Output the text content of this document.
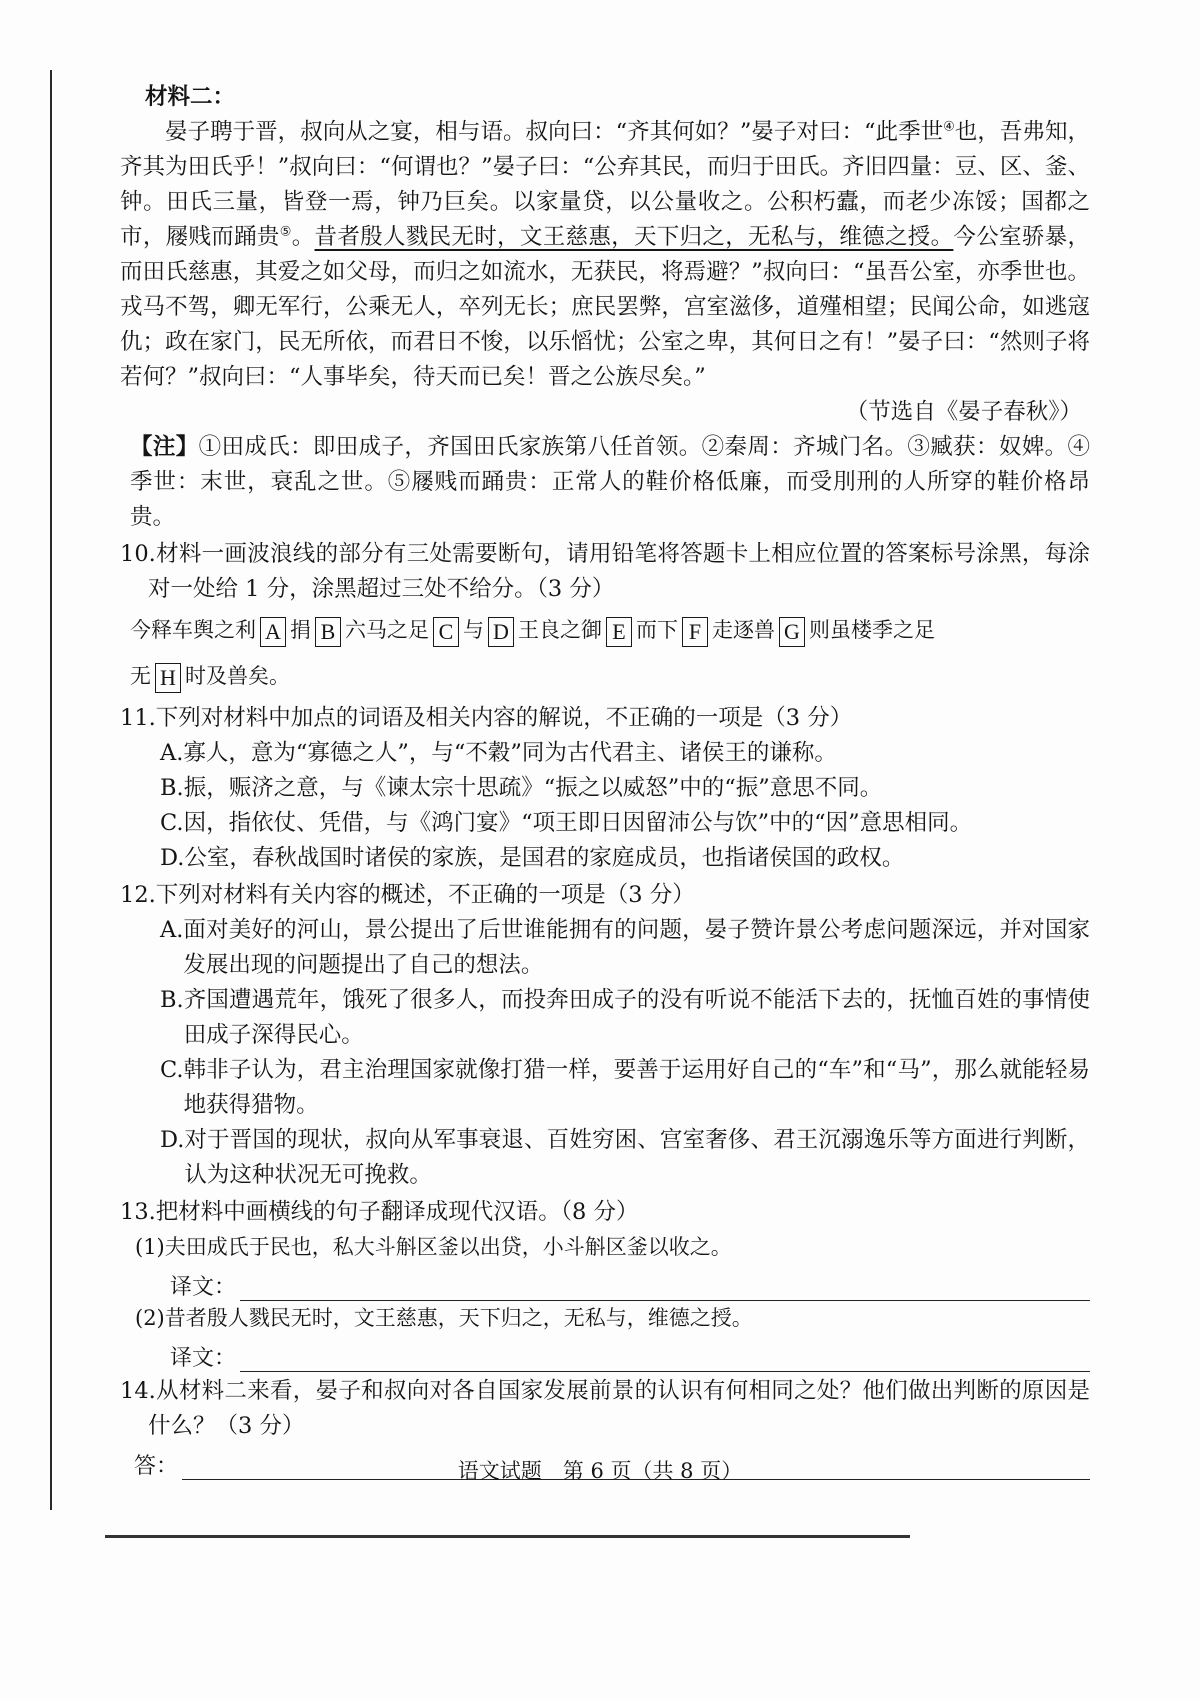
材料二：

晏子聘于晋，叔向从之宴，相与语。叔向曰：“齐其何如？”晏子对曰：“此季世④也，吾弗知，齐其为田氏乎！”叔向曰：“何谓也？”晏子曰：“公弃其民，而归于田氏。齐旧四量：豆、区、釜、钟。田氏三量，皆登一焉，钟乃巨矣。以家量贷，以公量收之。公积朽蠹，而老少冻馁；国都之市，屦贱而踊贵⑤。昔者殷人戮民无时，文王慈惠，天下归之，无私与，维德之授。今公室骄暴，而田氏慈惠，其爱之如父母，而归之如流水，无获民，将焉避？”叔向曰：“虽吾公室，亦季世也。戎马不驾，卿无军行，公乘无人，卒列无长；庶民罢弊，宫室滋侈，道殣相望；民闻公命，如逃寇仇；政在家门，民无所依，而君日不悛，以乐慆忧；公室之卑，其何日之有！”晏子曰：“然则子将若何？”叔向曰：“人事毕矣，待天而已矣！晋之公族尽矣。”

（节选自《晏子春秋》）

【注】①田成氏：即田成子，齐国田氏家族第八任首领。②秦周：齐城门名。③臧获：奴婢。④季世：末世，衰乱之世。⑤屦贱而踊贵：正常人的鞋价格低廉，而受刖刑的人所穿的鞋价格昂贵。

10.材料一画波浪线的部分有三处需要断句，请用铅笔将答题卡上相应位置的答案标号涂黑，每涂对一处给 1 分，涂黑超过三处不给分。（3 分）

今释车舆之利 A 捐 B 六马之足 C 与 D 王良之御 E 而下 F 走逐兽 G 则虽楼季之足
无 H 时及兽矣。

11.下列对材料中加点的词语及相关内容的解说，不正确的一项是（3 分）

A. 寡人，意为“寡德之人”，与“不穀”同为古代君主、诸侯王的谦称。
B. 振，赈济之意，与《谏太宗十思疏》“振之以威怒”中的“振”意思不同。
C. 因，指依仗、凭借，与《鸿门宴》“项王即日因留沛公与饮”中的“因”意思相同。
D. 公室，春秋战国时诸侯的家族，是国君的家庭成员，也指诸侯国的政权。

12.下列对材料有关内容的概述，不正确的一项是（3 分）

A. 面对美好的河山，景公提出了后世谁能拥有的问题，晏子赞许景公考虑问题深远，并对国家发展出现的问题提出了自己的想法。
B. 齐国遭遇荒年，饿死了很多人，而投奔田成子的没有听说不能活下去的，抚恤百姓的事情使田成子深得民心。
C. 韩非子认为，君主治理国家就像打猎一样，要善于运用好自己的“车”和“马”，那么就能轻易地获得猎物。
D. 对于晋国的现状，叔向从军事衰退、百姓穷困、宫室奢侈、君王沉溺逸乐等方面进行判断，认为这种状况无可挽救。

13.把材料中画横线的句子翻译成现代汉语。（8 分）

(1)夫田成氏于民也，私大斗斛区釜以出贷，小斗斛区釜以收之。

译文：

(2)昔者殷人戮民无时，文王慈惠，天下归之，无私与，维德之授。

译文：

14.从材料二来看，晏子和叔向对各自国家发展前景的认识有何相同之处？他们做出判断的原因是什么？（3 分）

答：	语文试题　第 6 页（共 8 页）
